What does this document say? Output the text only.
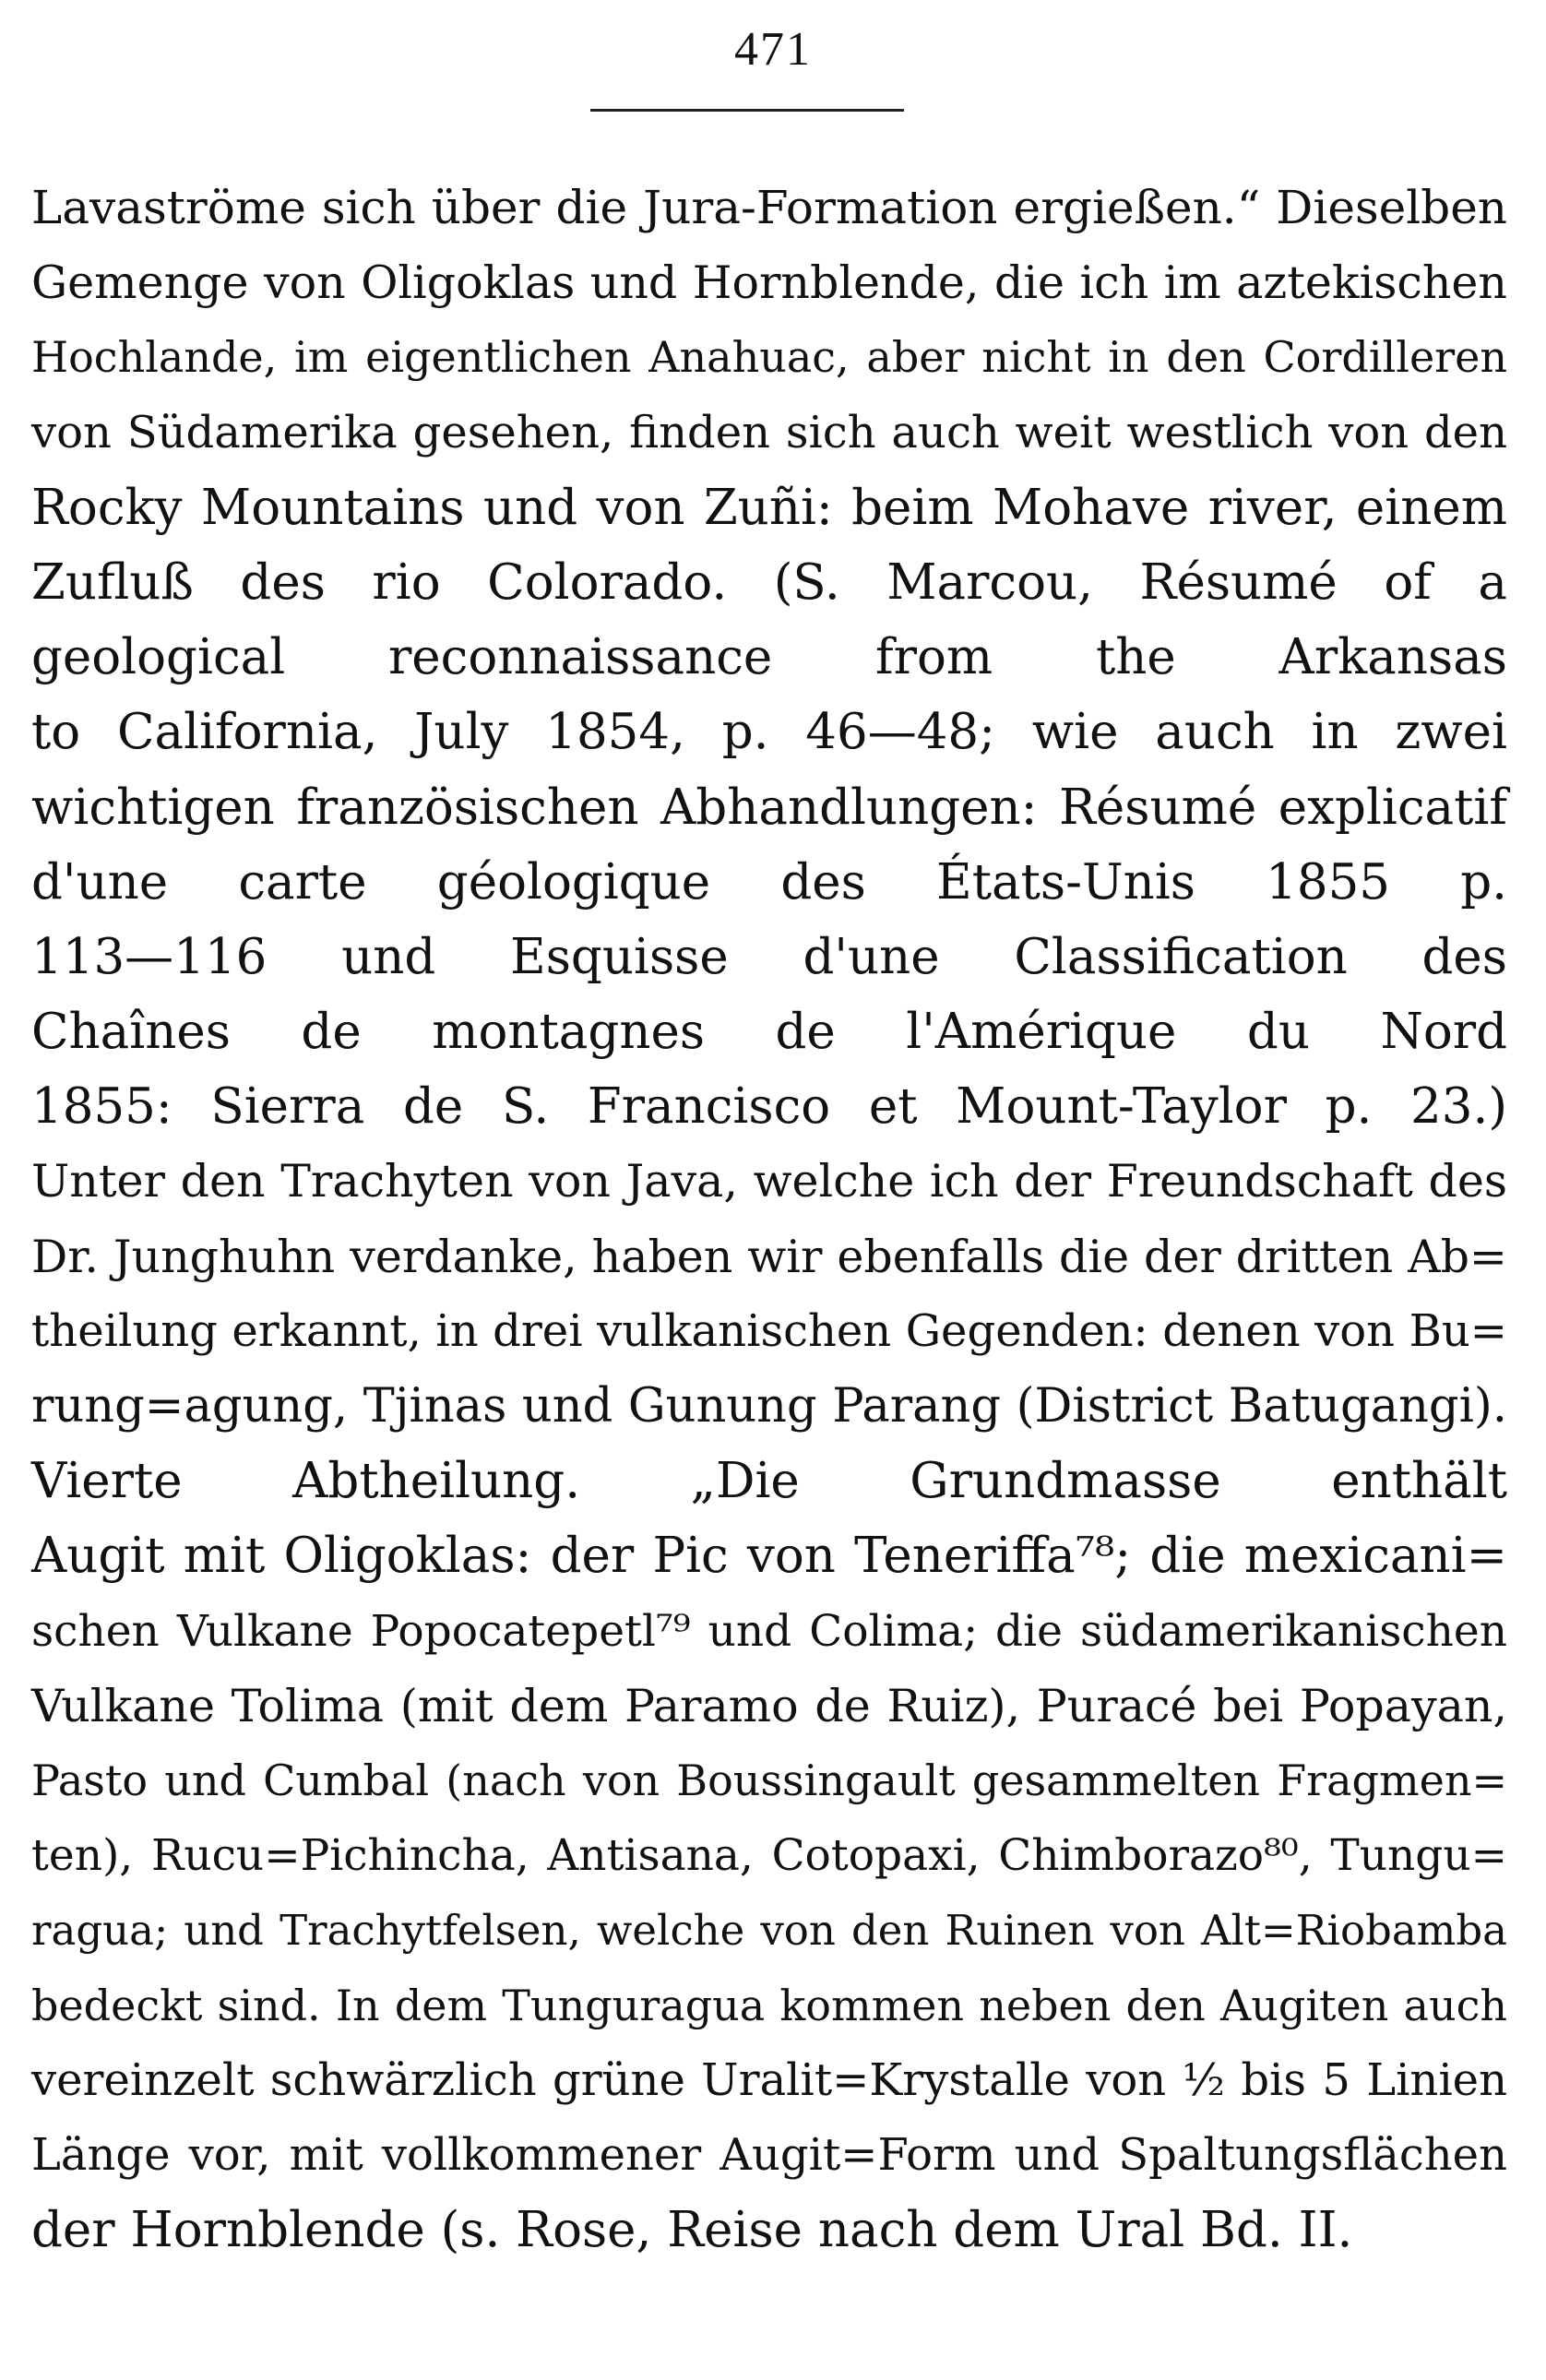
471
Lavaströme sich über die Jura-Formation ergießen.“ Dieselben
Gemenge von Oligoklas und Hornblende, die ich im aztekischen
Hochlande, im eigentlichen Anahuac, aber nicht in den Cordilleren
von Südamerika gesehen, finden sich auch weit westlich von den
Rocky Mountains und von Zuñi: beim Mohave river, einem
Zufluß des rio Colorado. (S. Marcou, Résumé of a
geological reconnaissance from the Arkansas
to California, July 1854, p. 46—48; wie auch in zwei
wichtigen französischen Abhandlungen: Résumé explicatif
d'une carte géologique des États-Unis 1855 p.
113—116 und Esquisse d'une Classification des
Chaînes de montagnes de l'Amérique du Nord
1855: Sierra de S. Francisco et Mount-Taylor p. 23.)
Unter den Trachyten von Java, welche ich der Freundschaft des
Dr. Junghuhn verdanke, haben wir ebenfalls die der dritten Ab=
theilung erkannt, in drei vulkanischen Gegenden: denen von Bu=
rung=agung, Tjinas und Gunung Parang (District Batugangi).
Vierte Abtheilung. „Die Grundmasse enthält
Augit mit Oligoklas: der Pic von Teneriffa⁷⁸; die mexicani=
schen Vulkane Popocatepetl⁷⁹ und Colima; die südamerikanischen
Vulkane Tolima (mit dem Paramo de Ruiz), Puracé bei Popayan,
Pasto und Cumbal (nach von Boussingault gesammelten Fragmen=
ten), Rucu=Pichincha, Antisana, Cotopaxi, Chimborazo⁸⁰, Tungu=
ragua; und Trachytfelsen, welche von den Ruinen von Alt=Riobamba
bedeckt sind. In dem Tunguragua kommen neben den Augiten auch
vereinzelt schwärzlich grüne Uralit=Krystalle von ½ bis 5 Linien
Länge vor, mit vollkommener Augit=Form und Spaltungsflächen
der Hornblende (s. Rose, Reise nach dem Ural Bd. II.
